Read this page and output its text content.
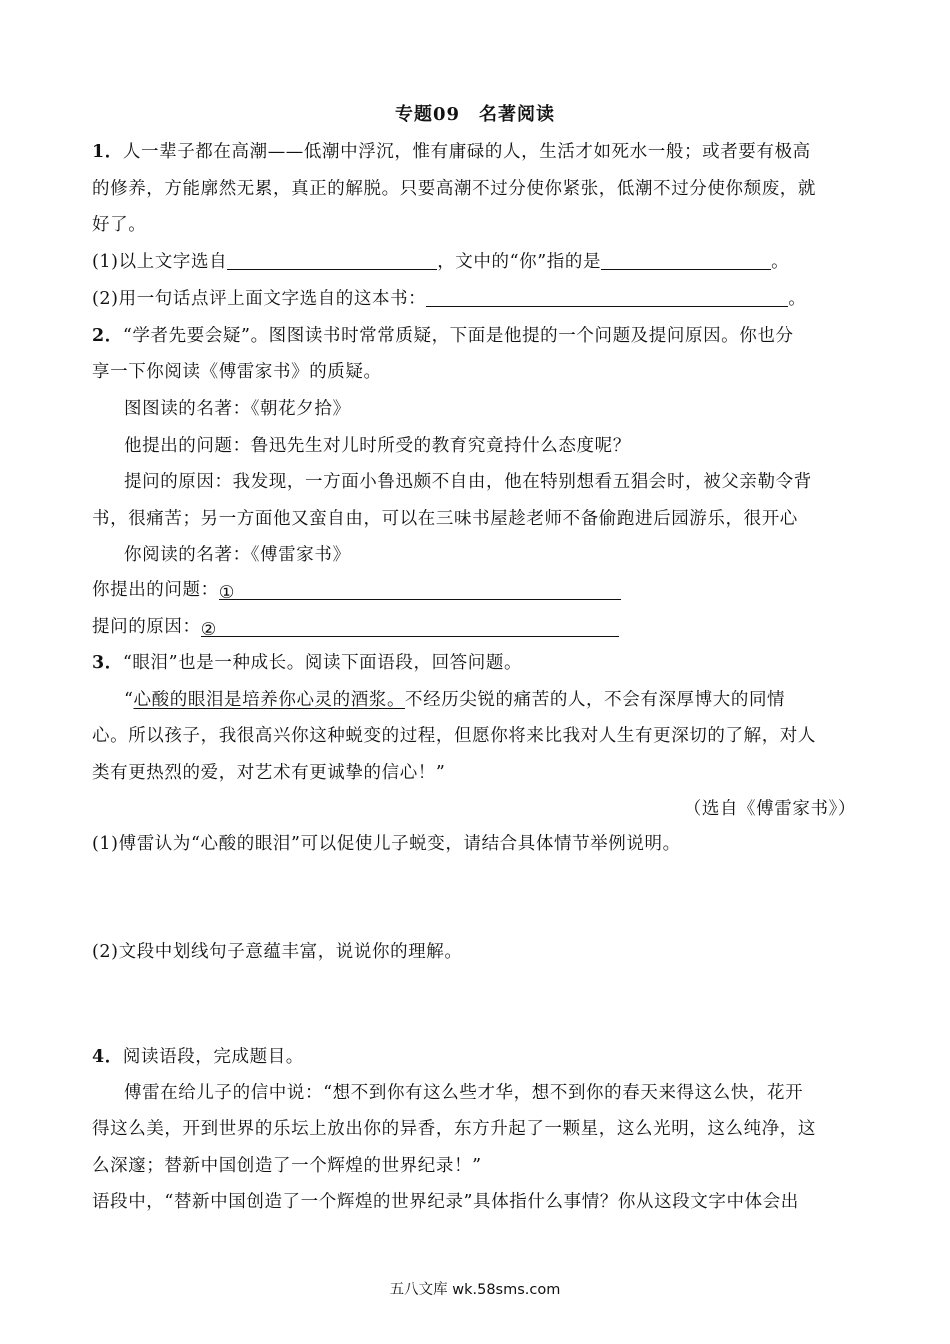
专题09　名著阅读
1．人一辈子都在高潮——低潮中浮沉，惟有庸碌的人，生活才如死水一般；或者要有极高
的修养，方能廓然无累，真正的解脱。只要高潮不过分使你紧张，低潮不过分使你颓废，就
好了。
(1)以上文字选自	，文中的“你”指的是	。
(2)用一句话点评上面文字选自的这本书：	。
2．“学者先要会疑”。图图读书时常常质疑，下面是他提的一个问题及提问原因。你也分
享一下你阅读《傅雷家书》的质疑。
图图读的名著：《朝花夕拾》
他提出的问题：鲁迅先生对儿时所受的教育究竟持什么态度呢？
提问的原因：我发现，一方面小鲁迅颇不自由，他在特别想看五猖会时，被父亲勒令背
书，很痛苦；另一方面他又蛮自由，可以在三味书屋趁老师不备偷跑进后园游乐，很开心
你阅读的名著：《傅雷家书》
你提出的问题：①
提问的原因：②
3．“眼泪”也是一种成长。阅读下面语段，回答问题。
“心酸的眼泪是培养你心灵的酒浆。不经历尖锐的痛苦的人，不会有深厚博大的同情
心。所以孩子，我很高兴你这种蜕变的过程，但愿你将来比我对人生有更深切的了解，对人
类有更热烈的爱，对艺术有更诚挚的信心！”
（选自《傅雷家书》）
(1)傅雷认为“心酸的眼泪”可以促使儿子蜕变，请结合具体情节举例说明。
(2)文段中划线句子意蕴丰富，说说你的理解。
4．阅读语段，完成题目。
傅雷在给儿子的信中说：“想不到你有这么些才华，想不到你的春天来得这么快，花开
得这么美，开到世界的乐坛上放出你的异香，东方升起了一颗星，这么光明，这么纯净，这
么深邃；替新中国创造了一个辉煌的世界纪录！”
语段中，“替新中国创造了一个辉煌的世界纪录”具体指什么事情？你从这段文字中体会出
五八文库 wk.58sms.com
